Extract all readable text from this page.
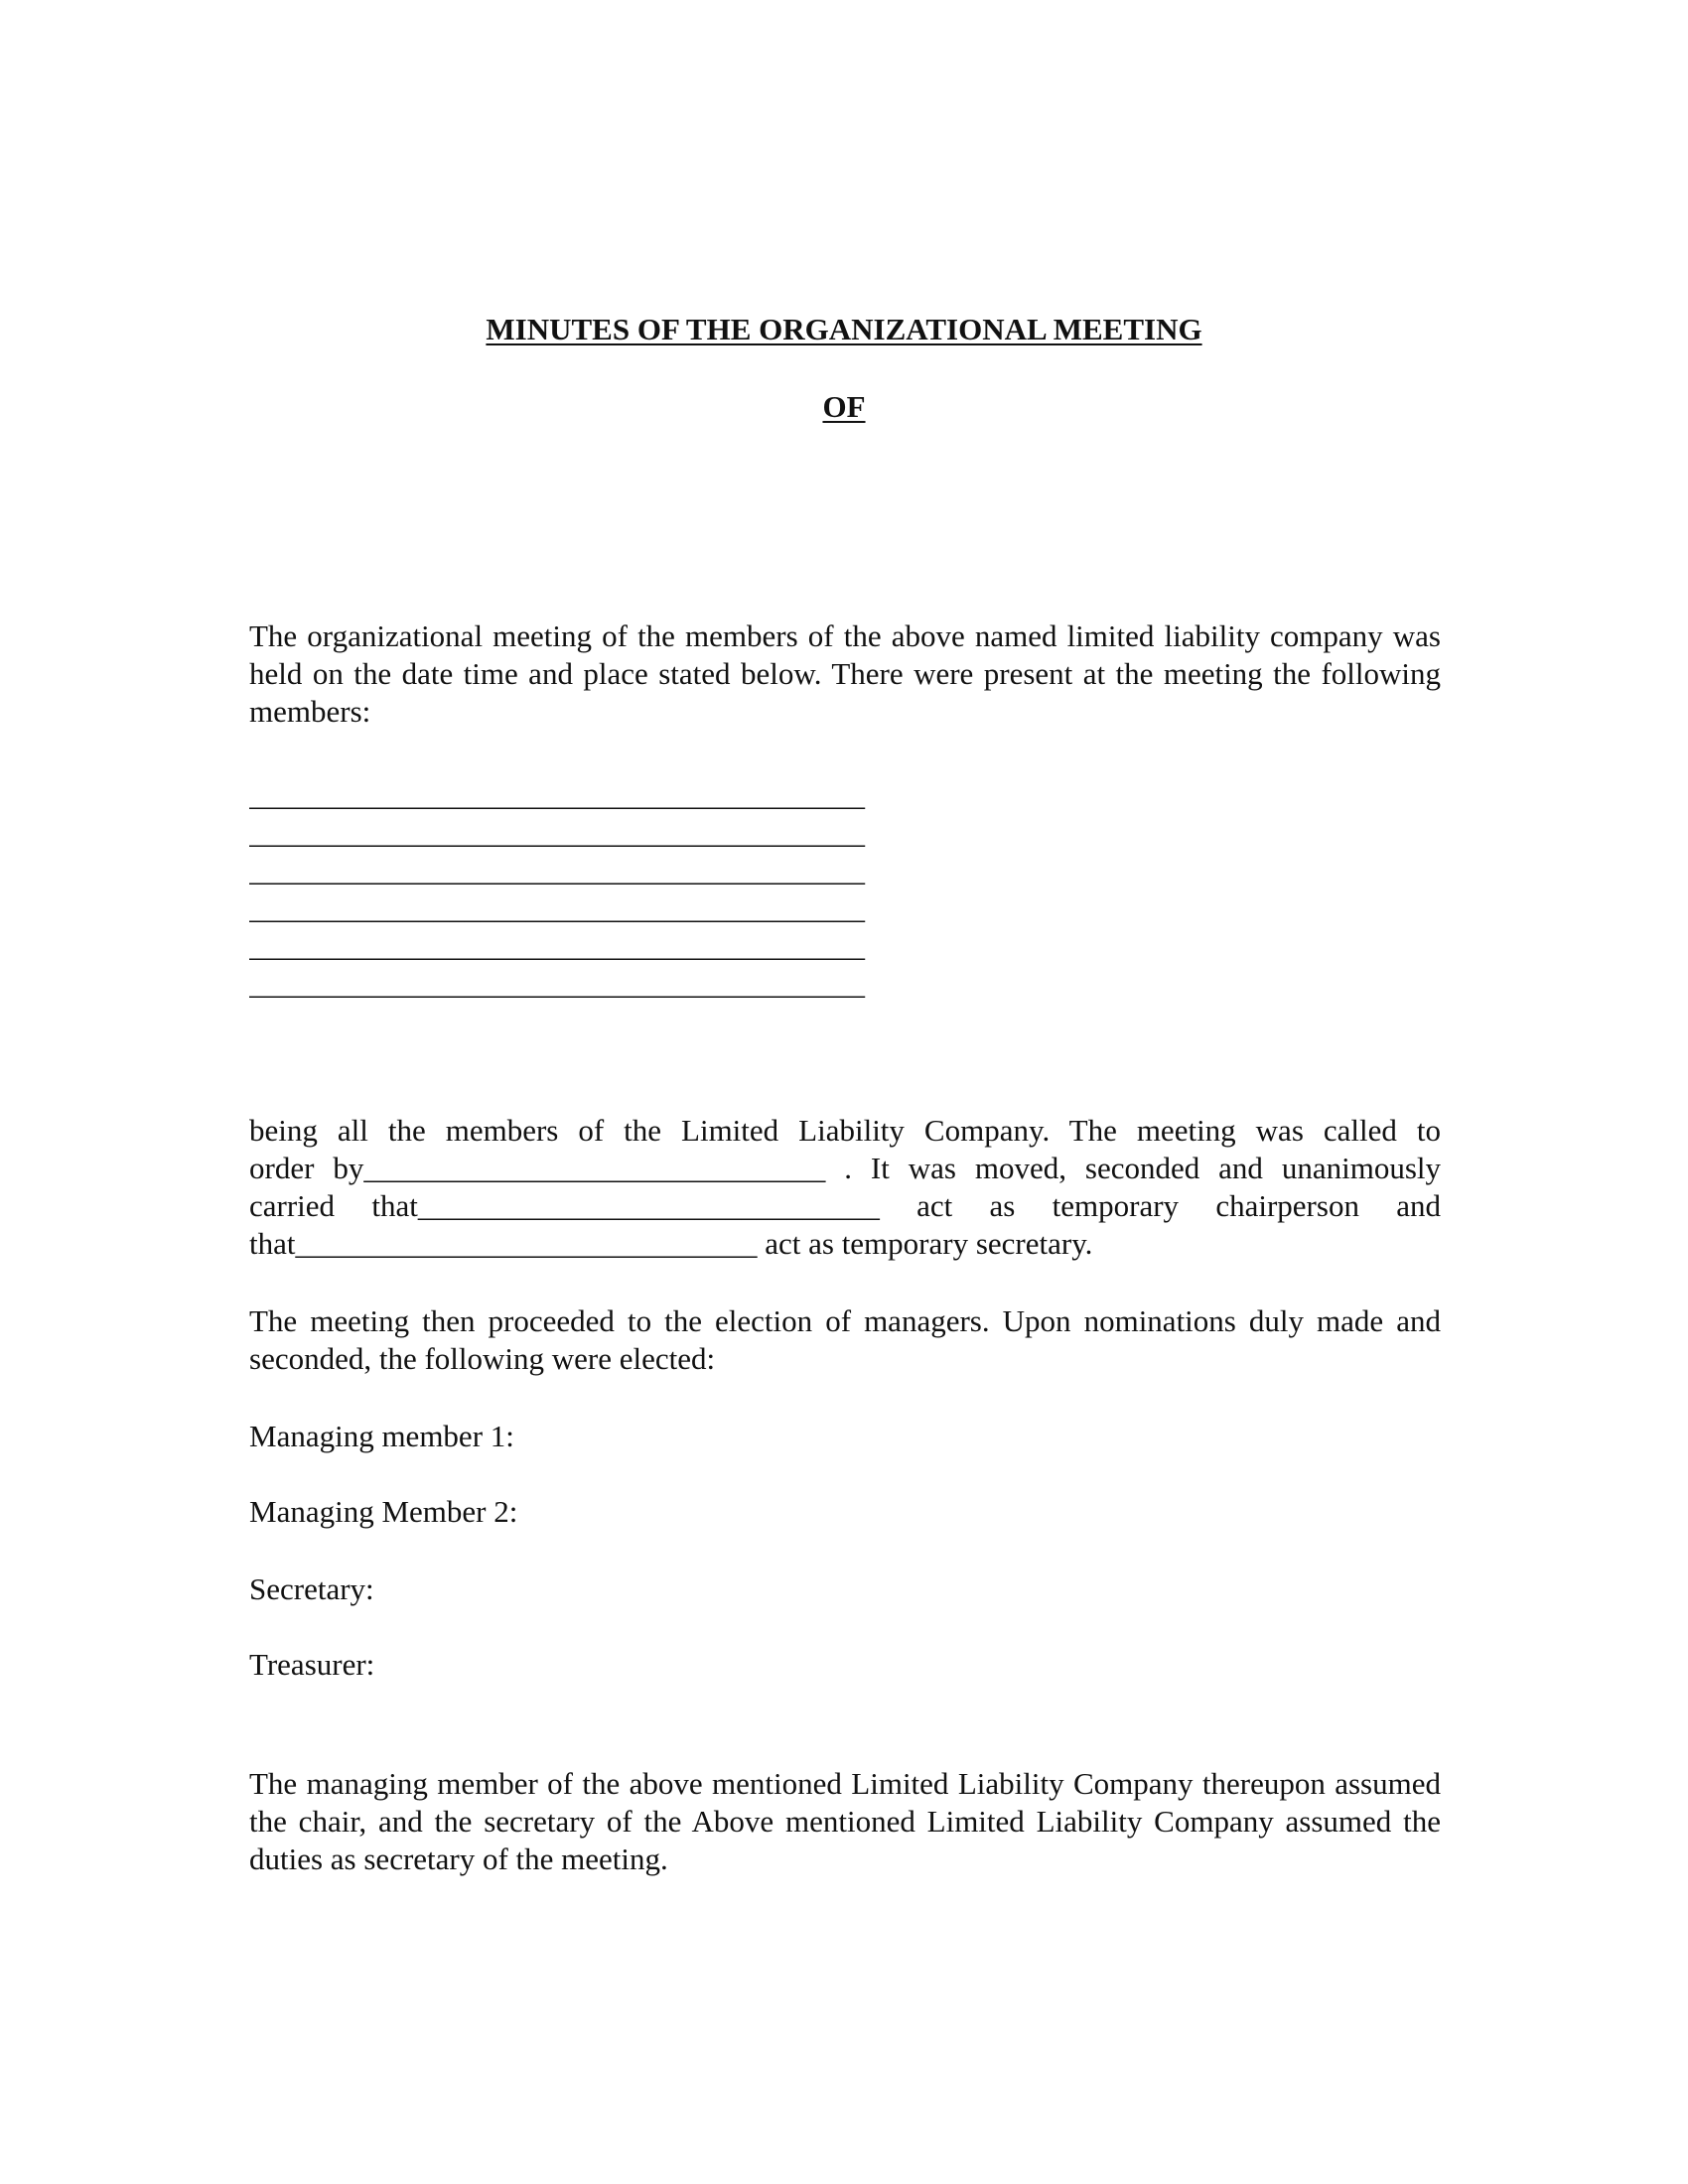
MINUTES OF THE ORGANIZATIONAL MEETING
OF

The organizational meeting of the members of the above named limited liability company was held on the date time and place stated below. There were present at the meeting the following members:

________________________________________
________________________________________
________________________________________
________________________________________
________________________________________
________________________________________
being all the members of the Limited Liability Company. The meeting was called to
order by______________________________ . It was moved, seconded and unanimously
carried that______________________________ act as temporary chairperson and
that______________________________ act as temporary secretary.

The meeting then proceeded to the election of managers. Upon nominations duly made and seconded, the following were elected:

Managing member 1:
Managing Member 2:
Secretary:
Treasurer:

The managing member of the above mentioned Limited Liability Company thereupon assumed the chair, and the secretary of the Above mentioned Limited Liability Company assumed the duties as secretary of the meeting.
